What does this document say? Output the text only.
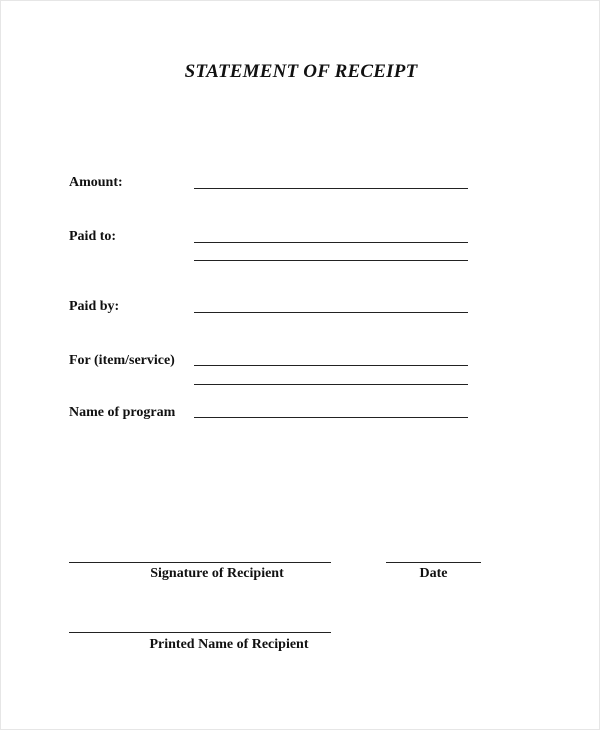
STATEMENT OF RECEIPT
Amount:
Paid to:
Paid by:
For (item/service)
Name of program
Signature of Recipient	Date
Printed Name of Recipient
